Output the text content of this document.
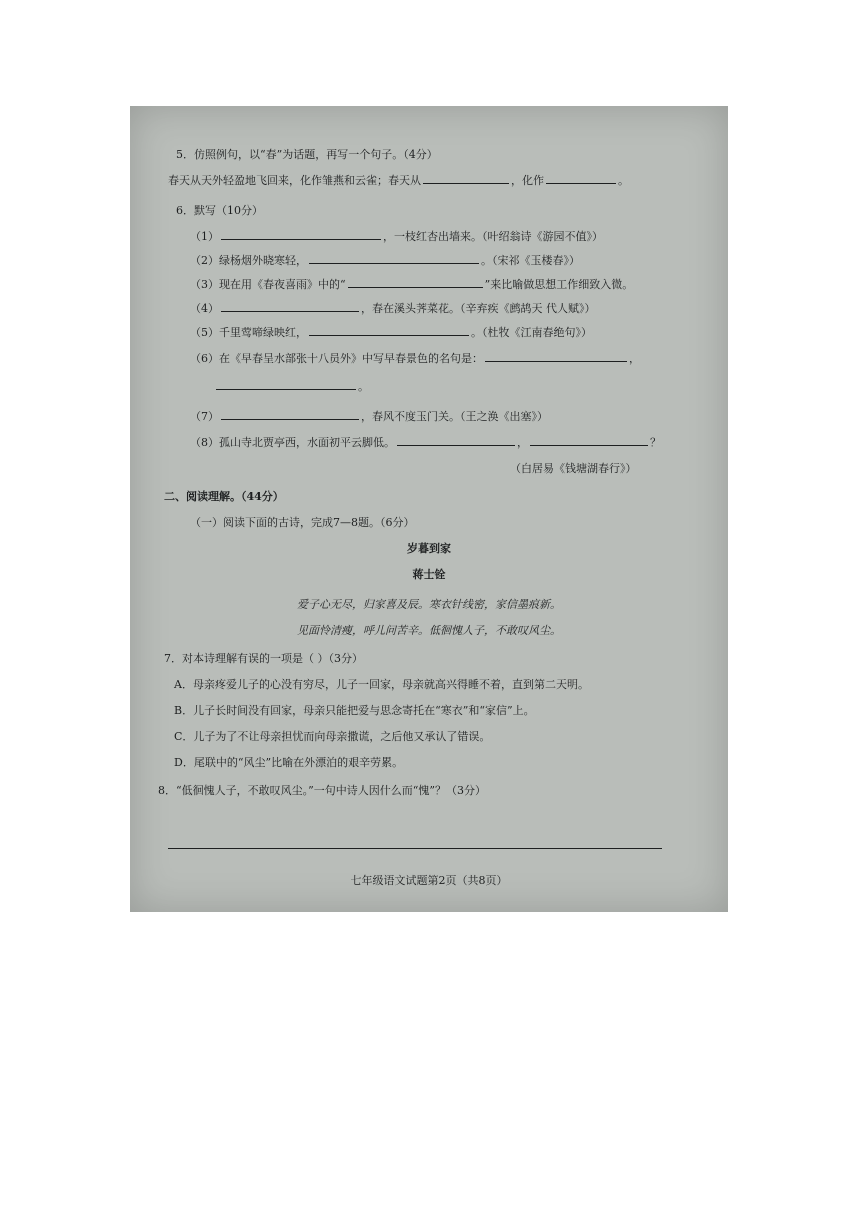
5．仿照例句，以“春”为话题，再写一个句子。（4分）
春天从天外轻盈地飞回来，化作雏燕和云雀；春天从	，化作	。
6．默写（10分）
（1）	，一枝红杏出墙来。（叶绍翁诗《游园不值》）
（2）绿杨烟外晓寒轻，	。（宋祁《玉楼春》）
（3）现在用《春夜喜雨》中的“	”来比喻做思想工作细致入微。
（4）	，春在溪头荠菜花。（辛弃疾《鹧鸪天 代人赋》）
（5）千里莺啼绿映红，	。（杜牧《江南春绝句》）
（6）在《早春呈水部张十八员外》中写早春景色的名句是：	，
。
（7）	，春风不度玉门关。（王之涣《出塞》）
（8）孤山寺北贾亭西，水面初平云脚低。	，	？
（白居易《钱塘湖春行》）
二、阅读理解。（44分）
（一）阅读下面的古诗，完成7—8题。（6分）
岁暮到家
蒋士铨
爱子心无尽，归家喜及辰。寒衣针线密，家信墨痕新。
见面怜清瘦，呼儿问苦辛。低徊愧人子，不敢叹风尘。
7．对本诗理解有误的一项是（ ）（3分）
A．母亲疼爱儿子的心没有穷尽，儿子一回家，母亲就高兴得睡不着，直到第二天明。
B．儿子长时间没有回家，母亲只能把爱与思念寄托在“寒衣”和“家信”上。
C．儿子为了不让母亲担忧而向母亲撒谎，之后他又承认了错误。
D．尾联中的“风尘”比喻在外漂泊的艰辛劳累。
8．“低徊愧人子，不敢叹风尘。”一句中诗人因什么而“愧”？（3分）
七年级语文试题第2页（共8页）
